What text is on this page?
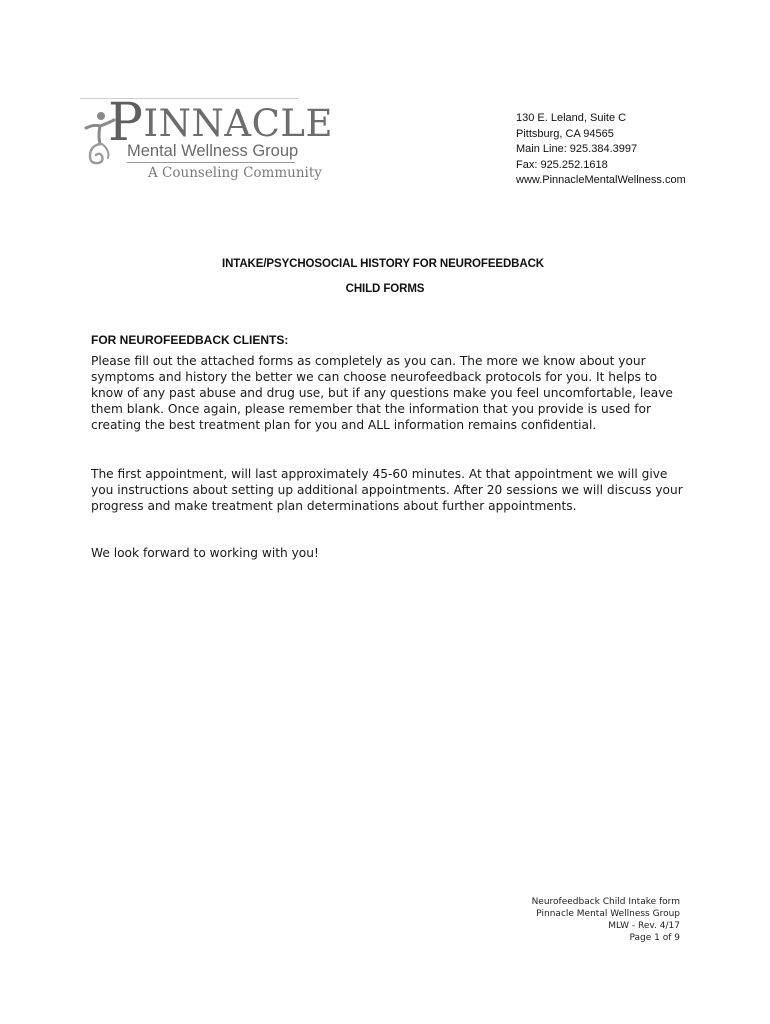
PINNACLE
Mental Wellness Group
A Counseling Community
130 E. Leland, Suite C
Pittsburg, CA 94565
Main Line: 925.384.3997
Fax: 925.252.1618
www.PinnacleMentalWellness.com
INTAKE/PSYCHOSOCIAL HISTORY FOR NEUROFEEDBACK
CHILD FORMS
FOR NEUROFEEDBACK CLIENTS:
Please fill out the attached forms as completely as you can. The more we know about your
symptoms and history the better we can choose neurofeedback protocols for you. It helps to
know of any past abuse and drug use, but if any questions make you feel uncomfortable, leave
them blank. Once again, please remember that the information that you provide is used for
creating the best treatment plan for you and ALL information remains confidential.
The first appointment, will last approximately 45-60 minutes. At that appointment we will give
you instructions about setting up additional appointments. After 20 sessions we will discuss your
progress and make treatment plan determinations about further appointments.
We look forward to working with you!
Neurofeedback Child Intake form
Pinnacle Mental Wellness Group
MLW - Rev. 4/17
Page 1 of 9
